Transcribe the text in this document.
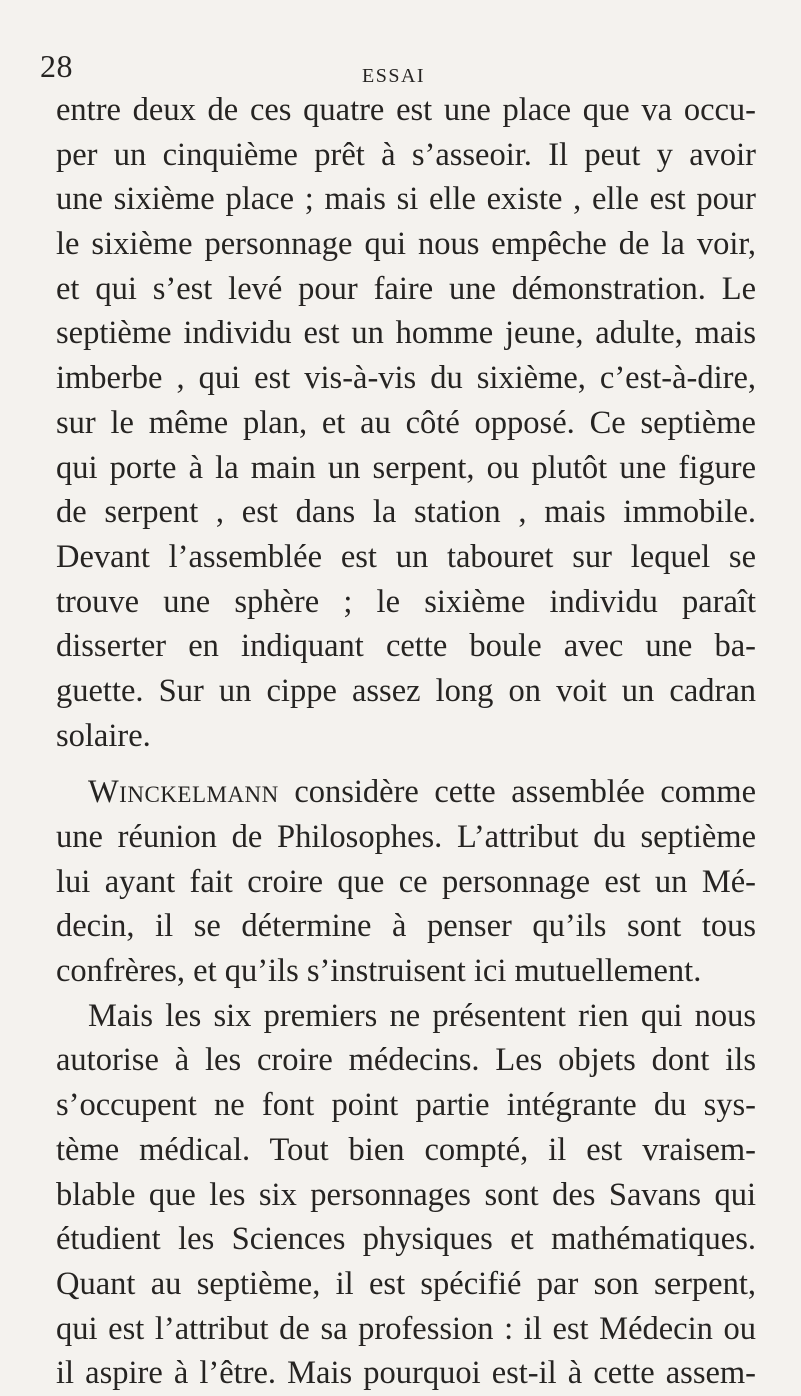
28	ESSAI
entre deux de ces quatre est une place que va occu-
per un cinquième prêt à s’asseoir. Il peut y avoir
une sixième place ; mais si elle existe , elle est pour
le sixième personnage qui nous empêche de la voir,
et qui s’est levé pour faire une démonstration. Le
septième individu est un homme jeune, adulte, mais
imberbe , qui est vis-à-vis du sixième, c’est-à-dire,
sur le même plan, et au côté opposé. Ce septième
qui porte à la main un serpent, ou plutôt une figure
de serpent , est dans la station , mais immobile.
Devant l’assemblée est un tabouret sur lequel se
trouve une sphère ; le sixième individu paraît
disserter en indiquant cette boule avec une ba-
guette. Sur un cippe assez long on voit un cadran
solaire.
Winckelmann considère cette assemblée comme
une réunion de Philosophes. L’attribut du septième
lui ayant fait croire que ce personnage est un Mé-
decin, il se détermine à penser qu’ils sont tous
confrères, et qu’ils s’instruisent ici mutuellement.
Mais les six premiers ne présentent rien qui nous
autorise à les croire médecins. Les objets dont ils
s’occupent ne font point partie intégrante du sys-
tème médical. Tout bien compté, il est vraisem-
blable que les six personnages sont des Savans qui
étudient les Sciences physiques et mathématiques.
Quant au septième, il est spécifié par son serpent,
qui est l’attribut de sa profession : il est Médecin ou
il aspire à l’être. Mais pourquoi est-il à cette assem-
